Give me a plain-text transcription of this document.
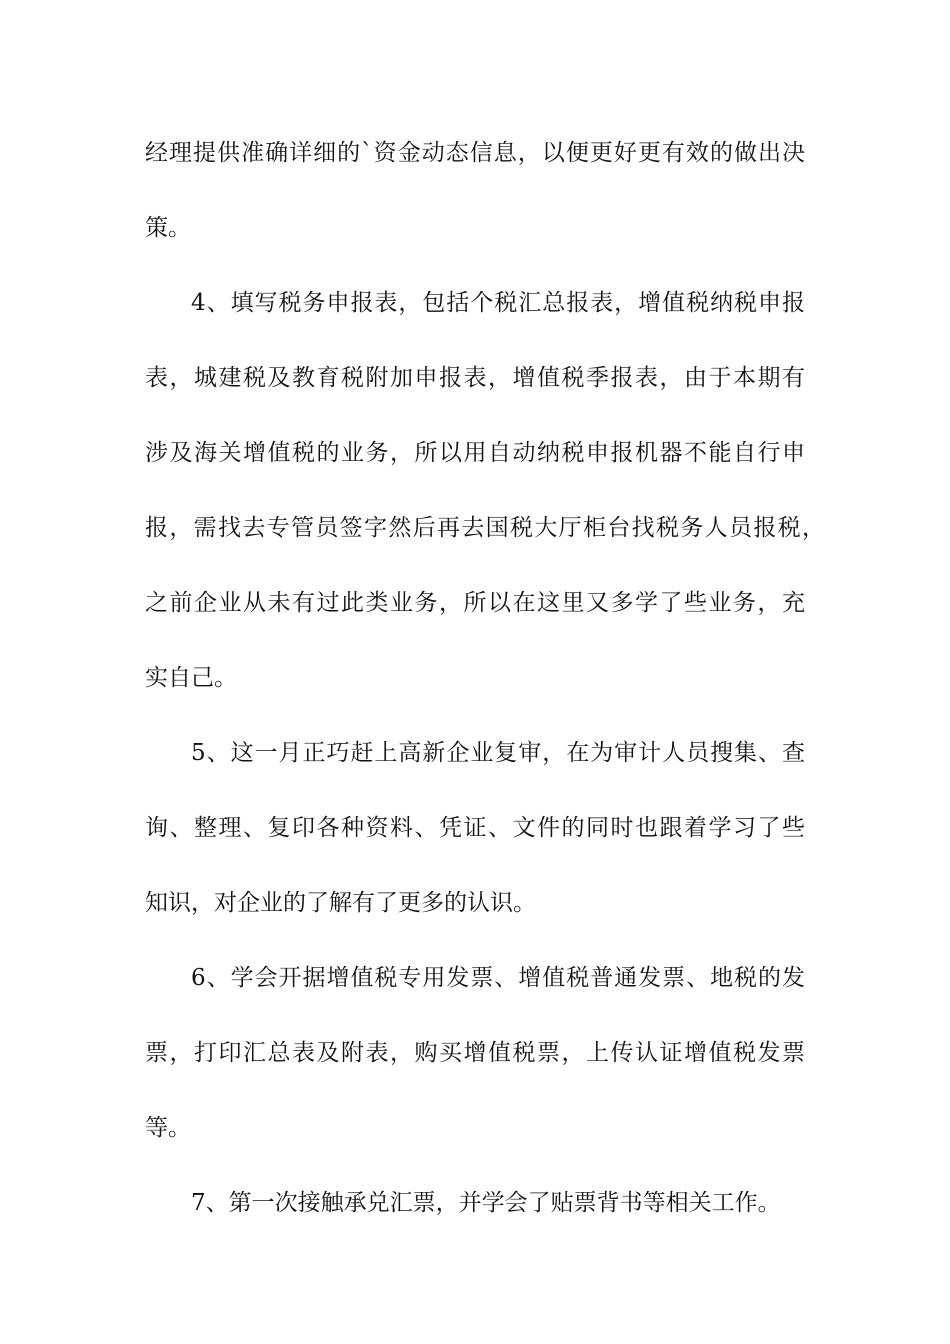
经理提供准确详细的`资金动态信息，以便更好更有效的做出决

策。

4、填写税务申报表，包括个税汇总报表，增值税纳税申报

表，城建税及教育税附加申报表，增值税季报表，由于本期有

涉及海关增值税的业务，所以用自动纳税申报机器不能自行申

报，需找去专管员签字然后再去国税大厅柜台找税务人员报税，

之前企业从未有过此类业务，所以在这里又多学了些业务，充

实自己。

5、这一月正巧赶上高新企业复审，在为审计人员搜集、查

询、整理、复印各种资料、凭证、文件的同时也跟着学习了些

知识，对企业的了解有了更多的认识。

6、学会开据增值税专用发票、增值税普通发票、地税的发

票，打印汇总表及附表，购买增值税票，上传认证增值税发票

等。

7、第一次接触承兑汇票，并学会了贴票背书等相关工作。
